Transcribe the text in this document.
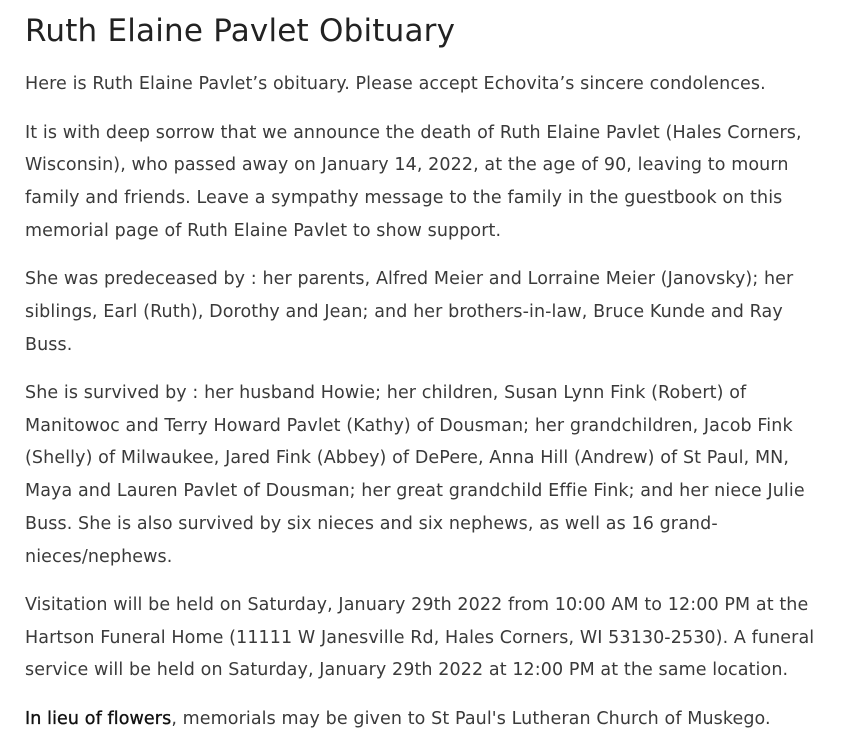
Ruth Elaine Pavlet Obituary

Here is Ruth Elaine Pavlet’s obituary. Please accept Echovita’s sincere condolences.

It is with deep sorrow that we announce the death of Ruth Elaine Pavlet (Hales Corners, Wisconsin), who passed away on January 14, 2022, at the age of 90, leaving to mourn family and friends. Leave a sympathy message to the family in the guestbook on this memorial page of Ruth Elaine Pavlet to show support.

She was predeceased by : her parents, Alfred Meier and Lorraine Meier (Janovsky); her siblings, Earl (Ruth), Dorothy and Jean; and her brothers-in-law, Bruce Kunde and Ray Buss.

She is survived by : her husband Howie; her children, Susan Lynn Fink (Robert) of Manitowoc and Terry Howard Pavlet (Kathy) of Dousman; her grandchildren, Jacob Fink (Shelly) of Milwaukee, Jared Fink (Abbey) of DePere, Anna Hill (Andrew) of St Paul, MN, Maya and Lauren Pavlet of Dousman; her great grandchild Effie Fink; and her niece Julie Buss. She is also survived by six nieces and six nephews, as well as 16 grand-nieces/nephews.

Visitation will be held on Saturday, January 29th 2022 from 10:00 AM to 12:00 PM at the Hartson Funeral Home (11111 W Janesville Rd, Hales Corners, WI 53130-2530). A funeral service will be held on Saturday, January 29th 2022 at 12:00 PM at the same location.

In lieu of flowers, memorials may be given to St Paul's Lutheran Church of Muskego.
